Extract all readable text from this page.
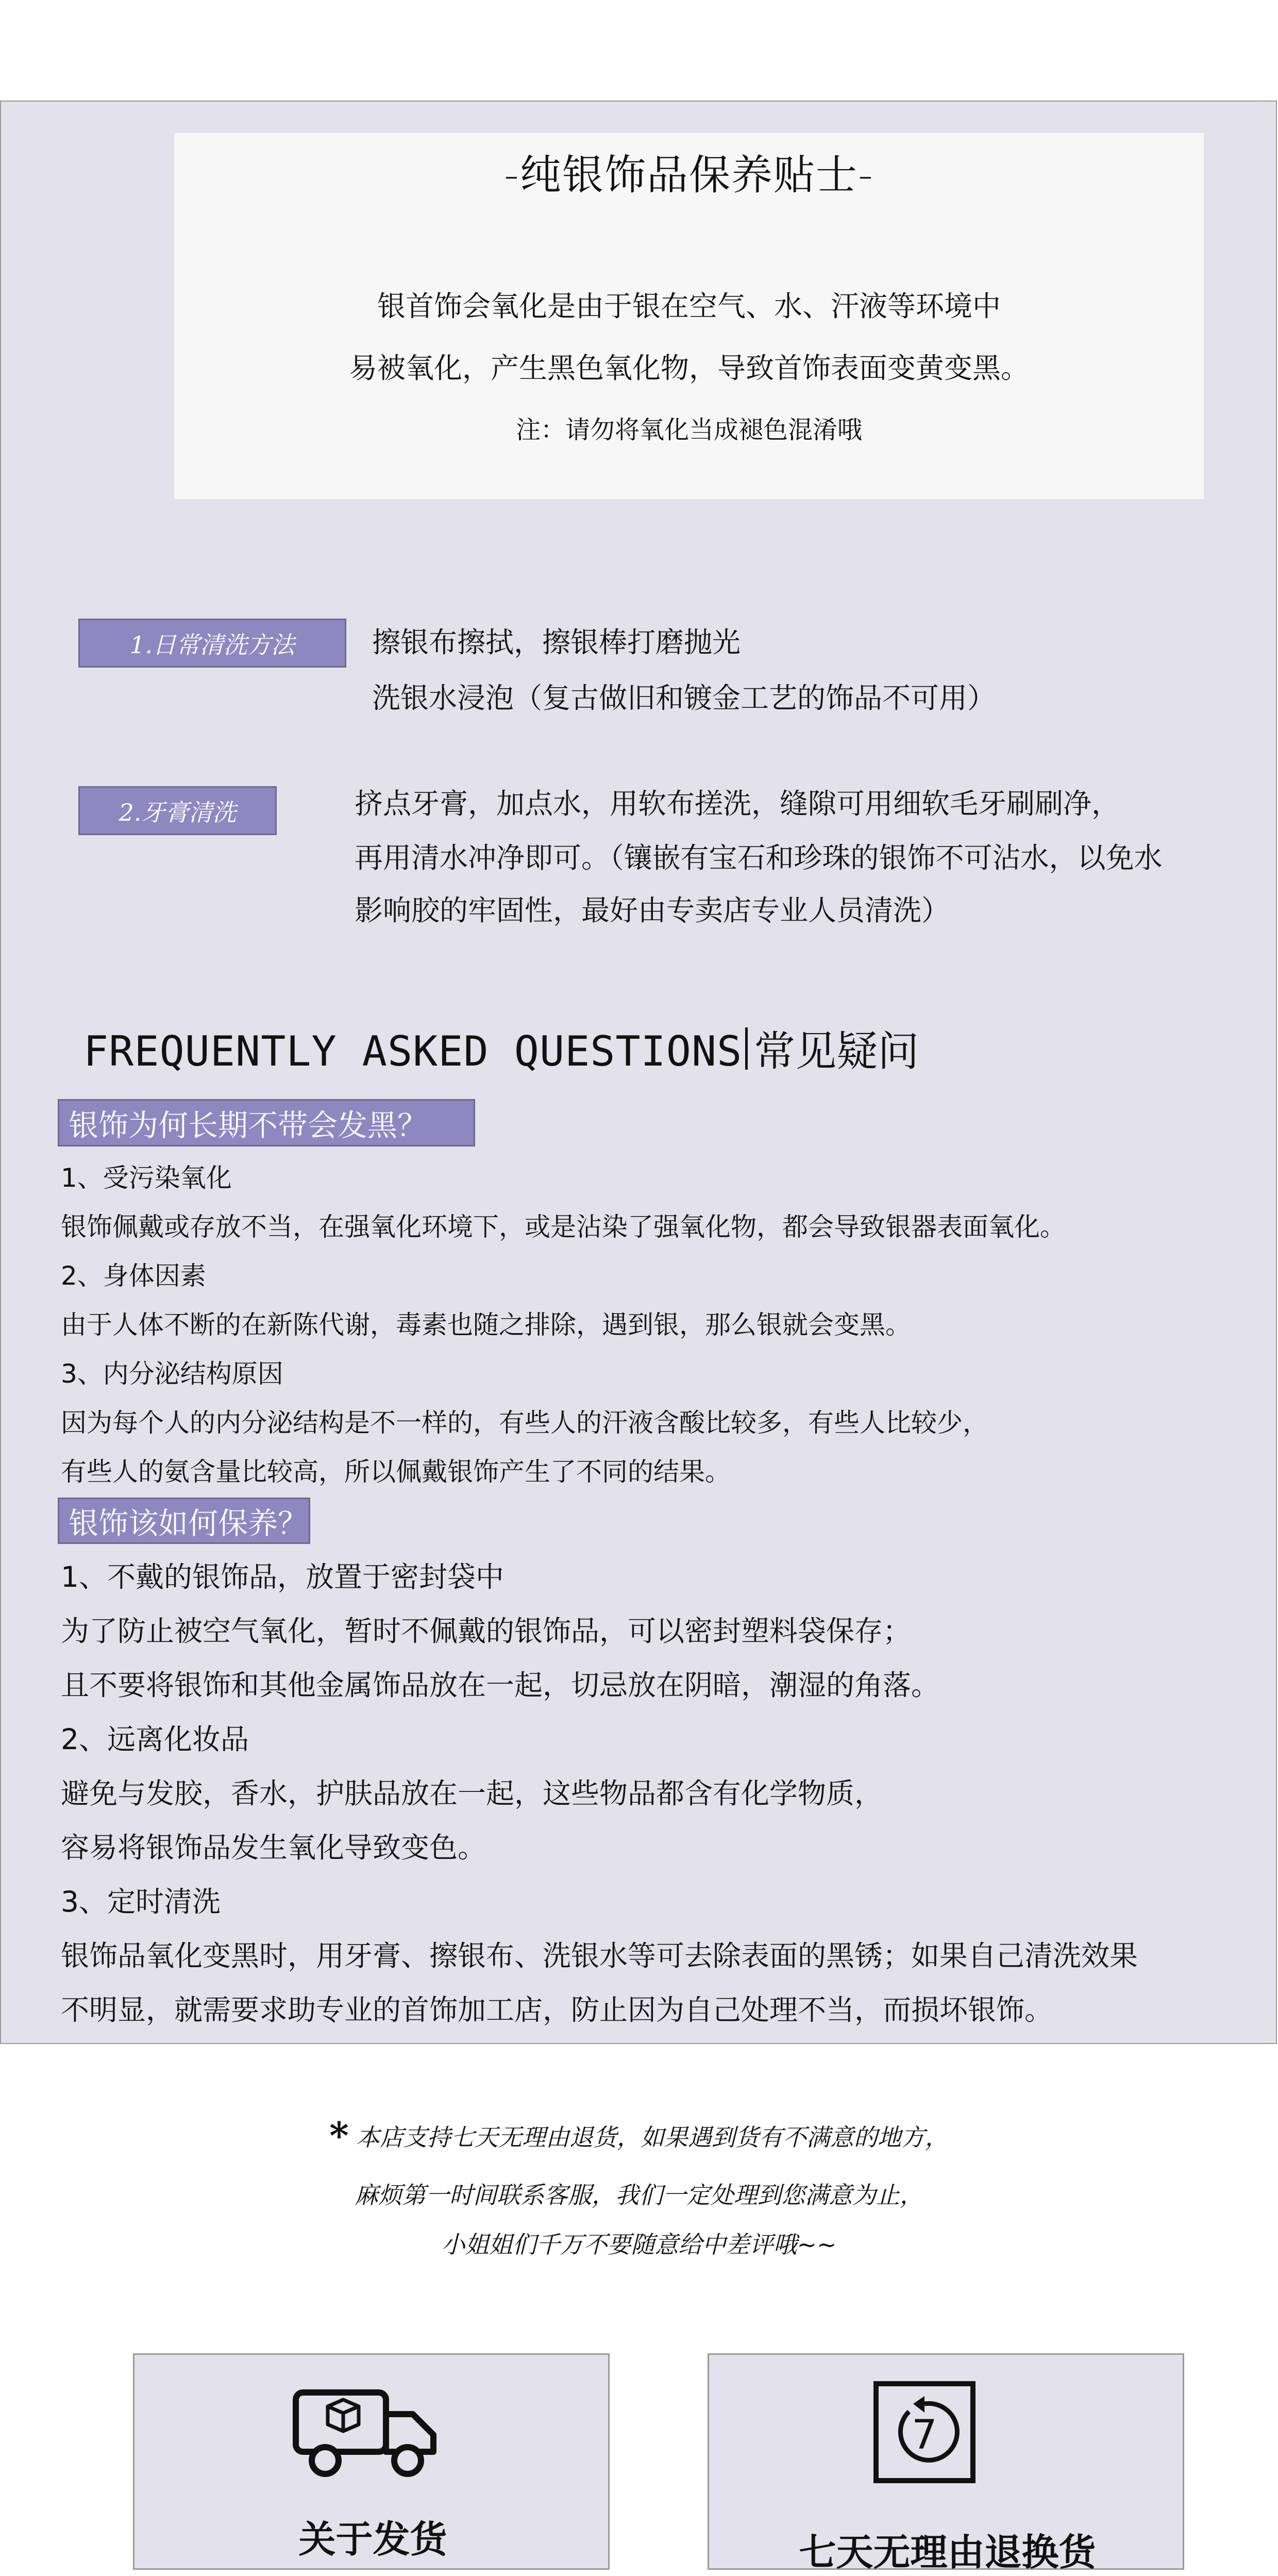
-纯银饰品保养贴士-
银首饰会氧化是由于银在空气、水、汗液等环境中
易被氧化，产生黑色氧化物，导致首饰表面变黄变黑。
注：请勿将氧化当成褪色混淆哦
1.日常清洗方法	擦银布擦拭，擦银棒打磨抛光
洗银水浸泡（复古做旧和镀金工艺的饰品不可用）
2.牙膏清洗	挤点牙膏，加点水，用软布搓洗，缝隙可用细软毛牙刷刷净，
再用清水冲净即可。（镶嵌有宝石和珍珠的银饰不可沾水，以免水
影响胶的牢固性，最好由专卖店专业人员清洗）
FREQUENTLY ASKED QUESTIONS 常见疑问
银饰为何长期不带会发黑？
1、受污染氧化
银饰佩戴或存放不当，在强氧化环境下，或是沾染了强氧化物，都会导致银器表面氧化。
2、身体因素
由于人体不断的在新陈代谢，毒素也随之排除，遇到银，那么银就会变黑。
3、内分泌结构原因
因为每个人的内分泌结构是不一样的，有些人的汗液含酸比较多，有些人比较少，
有些人的氨含量比较高，所以佩戴银饰产生了不同的结果。
银饰该如何保养？
1、不戴的银饰品，放置于密封袋中
为了防止被空气氧化，暂时不佩戴的银饰品，可以密封塑料袋保存；
且不要将银饰和其他金属饰品放在一起，切忌放在阴暗，潮湿的角落。
2、远离化妆品
避免与发胶，香水，护肤品放在一起，这些物品都含有化学物质，
容易将银饰品发生氧化导致变色。
3、定时清洗
银饰品氧化变黑时，用牙膏、擦银布、洗银水等可去除表面的黑锈；如果自己清洗效果
不明显，就需要求助专业的首饰加工店，防止因为自己处理不当，而损坏银饰。
* 本店支持七天无理由退货，如果遇到货有不满意的地方，
麻烦第一时间联系客服，我们一定处理到您满意为止，
小姐姐们千万不要随意给中差评哦~~
关于发货
7
七天无理由退换货
